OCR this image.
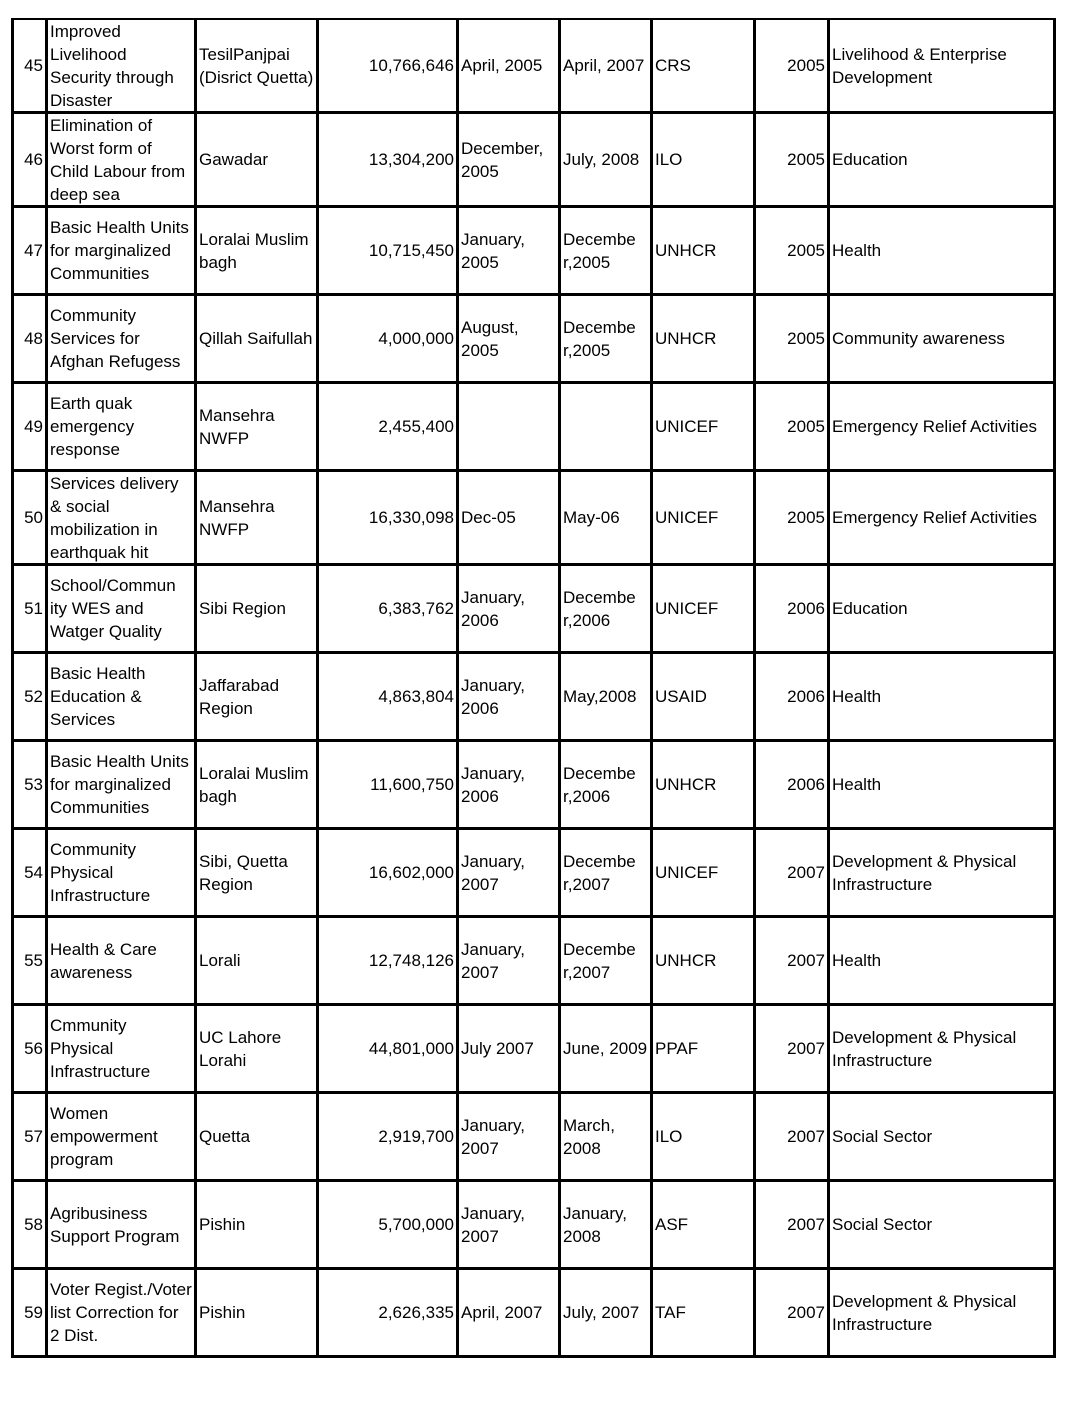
45	Improved Livelihood Security through Disaster	TesilPanjpai (Disrict Quetta)	10,766,646	April, 2005	April, 2007	CRS	2005	Livelihood & Enterprise Development

46	Elimination of Worst form of Child Labour from deep sea	Gawadar	13,304,200	December, 2005	July, 2008	ILO	2005	Education

47	Basic Health Units for marginalized Communities	Loralai Muslim bagh	10,715,450	January, 2005	Decembe r,2005	UNHCR	2005	Health

48	Community Services for Afghan Refugess	Qillah Saifullah	4,000,000	August, 2005	Decembe r,2005	UNHCR	2005	Community awareness

49	Earth quak emergency response	Mansehra NWFP	2,455,400			UNICEF	2005	Emergency Relief Activities

50	Services delivery & social mobilization in earthquak hit	Mansehra NWFP	16,330,098	Dec-05	May-06	UNICEF	2005	Emergency Relief Activities

51	School/Commun ity WES and Watger Quality	Sibi Region	6,383,762	January, 2006	Decembe r,2006	UNICEF	2006	Education

52	Basic Health Education & Services	Jaffarabad Region	4,863,804	January, 2006	May,2008	USAID	2006	Health

53	Basic Health Units for marginalized Communities	Loralai Muslim bagh	11,600,750	January, 2006	Decembe r,2006	UNHCR	2006	Health

54	Community Physical Infrastructure	Sibi, Quetta Region	16,602,000	January, 2007	Decembe r,2007	UNICEF	2007	Development & Physical Infrastructure

55	Health & Care awareness	Lorali	12,748,126	January, 2007	Decembe r,2007	UNHCR	2007	Health

56	Cmmunity Physical Infrastructure	UC Lahore Lorahi	44,801,000	July 2007	June, 2009	PPAF	2007	Development & Physical Infrastructure

57	Women empowerment program	Quetta	2,919,700	January, 2007	March, 2008	ILO	2007	Social Sector

58	Agribusiness Support Program	Pishin	5,700,000	January, 2007	January, 2008	ASF	2007	Social Sector

59	Voter Regist./Voter list Correction for 2 Dist.	Pishin	2,626,335	April, 2007	July, 2007	TAF	2007	Development & Physical Infrastructure
